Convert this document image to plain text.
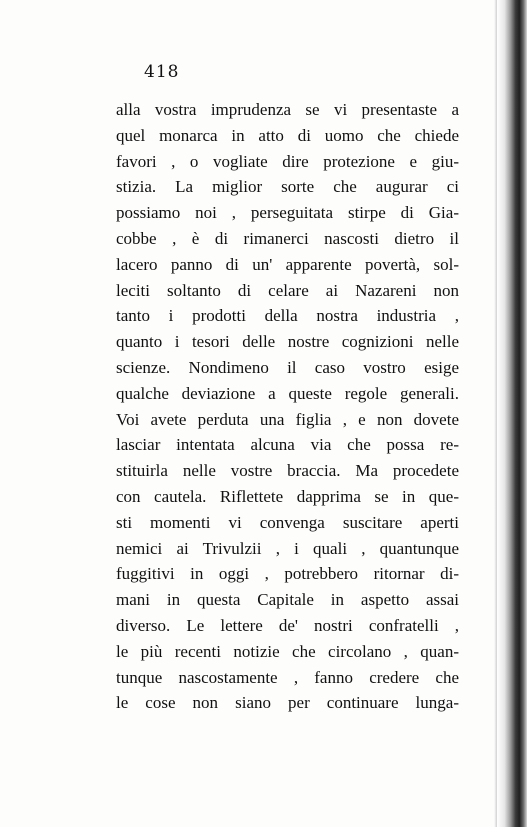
418
alla vostra imprudenza se vi presentaste a
quel monarca in atto di uomo che chiede
favori , o vogliate dire protezione e giu-
stizia. La miglior sorte che augurar ci
possiamo noi , perseguitata stirpe di Gia-
cobbe , è di rimanerci nascosti dietro il
lacero panno di un' apparente povertà, sol-
leciti soltanto di celare ai Nazareni non
tanto i prodotti della nostra industria ,
quanto i tesori delle nostre cognizioni nelle
scienze. Nondimeno il caso vostro esige
qualche deviazione a queste regole generali.
Voi avete perduta una figlia , e non dovete
lasciar intentata alcuna via che possa re-
stituirla nelle vostre braccia. Ma procedete
con cautela. Riflettete dapprima se in que-
sti momenti vi convenga suscitare aperti
nemici ai Trivulzii , i quali , quantunque
fuggitivi in oggi , potrebbero ritornar di-
mani in questa Capitale in aspetto assai
diverso. Le lettere de' nostri confratelli ,
le più recenti notizie che circolano , quan-
tunque nascostamente , fanno credere che
le cose non siano per continuare lunga-
